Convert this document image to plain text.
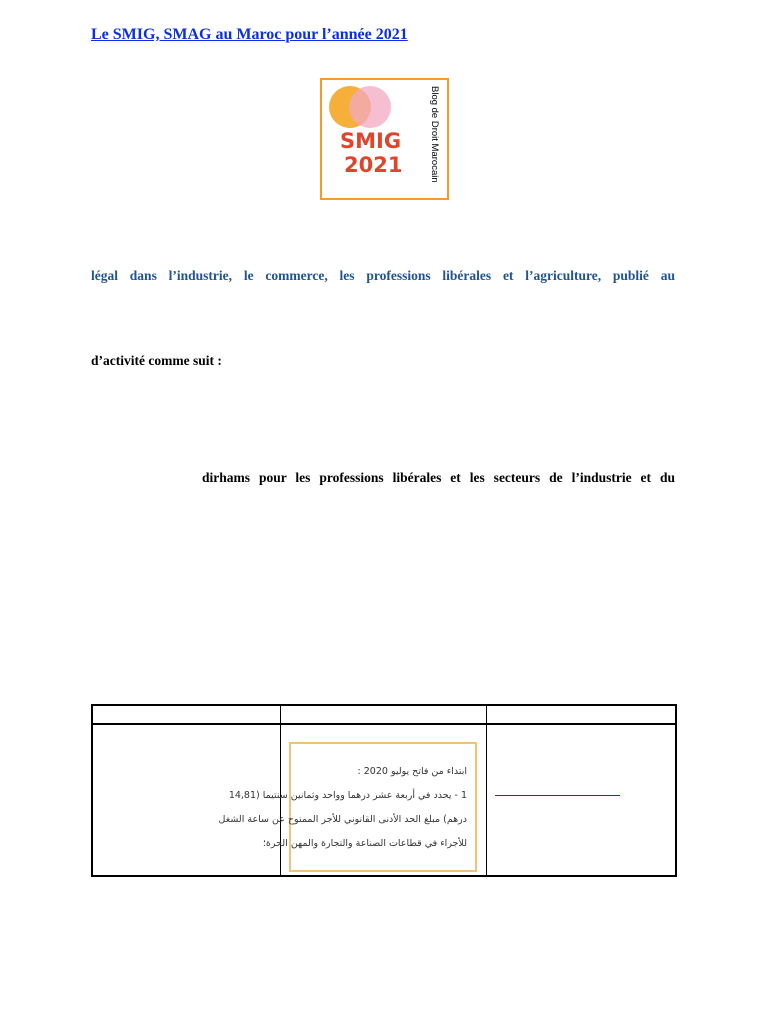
Le SMIG, SMAG au Maroc pour l’année 2021
SMIG
2021	Blog de Droit Marocain
légal dans l’industrie, le commerce, les professions libérales et l’agriculture, publié au
d’activité comme suit :
dirhams pour les professions libérales et les secteurs de l’industrie et du

	ابتداء من فاتح يوليو 2020 :
1 - يحدد في أربعة عشر درهما وواحد وثمانين سنتيما (14,81
درهم) مبلغ الحد الأدنى القانوني للأجر الممنوح عن ساعة الشغل
للأجراء في قطاعات الصناعة والتجارة والمهن الحرة؛	
